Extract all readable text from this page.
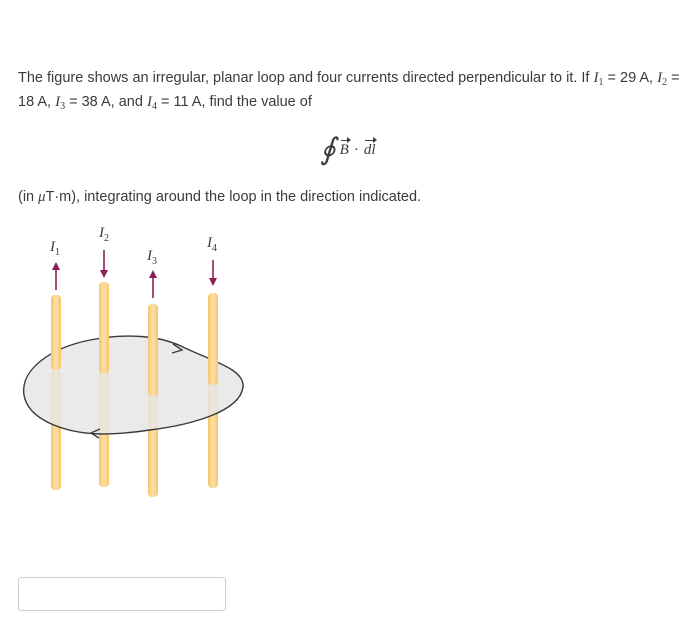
The figure shows an irregular, planar loop and four currents directed perpendicular to it. If $I_1 = 29$ A, $I_2 = 18$ A, $I_3 = 38$ A, and $I_4 = 11$ A, find the value of
∮ B · dl
(in μT·m), integrating around the loop in the direction indicated.
$I_1$
$I_2$
$I_3$
$I_4$
